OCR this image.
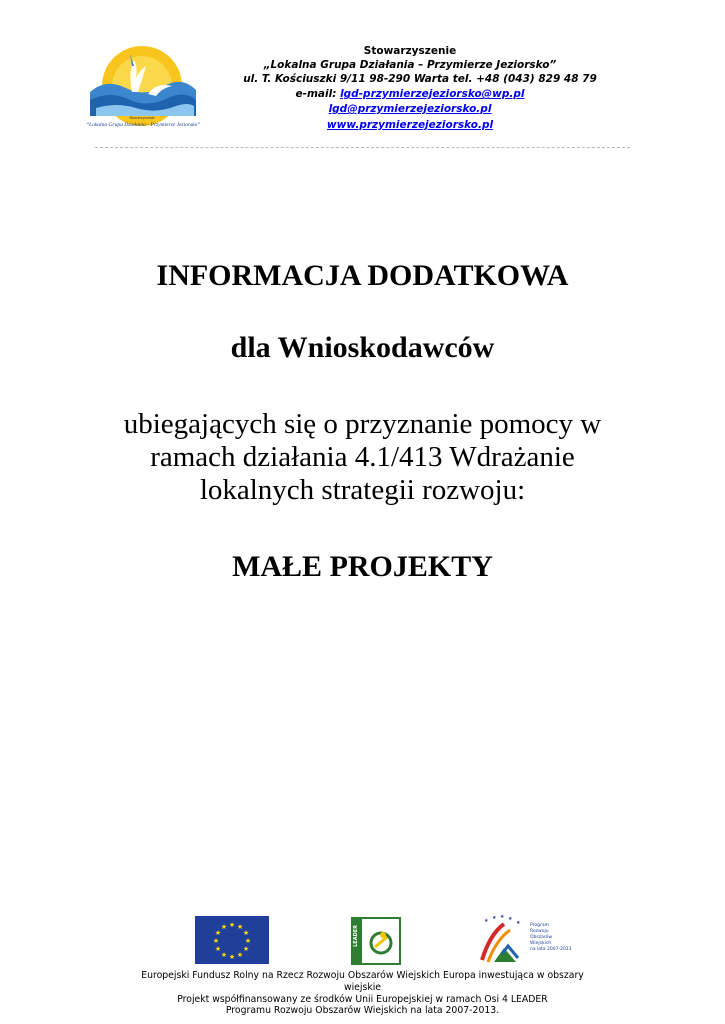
Stowarzyszenie
“Lokalna Grupa Działania - Przymierze Jeziorsko”
Stowarzyszenie
„Lokalna Grupa Działania – Przymierze Jeziorsko”
ul. T. Kościuszki 9/11 98-290 Warta tel. +48 (043) 829 48 79
e-mail: lgd-przymierzejeziorsko@wp.pl
lgd@przymierzejeziorsko.pl
www.przymierzejeziorsko.pl
INFORMACJA DODATKOWA
dla Wnioskodawców
ubiegających się o przyznanie pomocy w
ramach działania 4.1/413 Wdrażanie
lokalnych strategii rozwoju:
MAŁE PROJEKTY
★ ★
★
★
★
★
★
★
★
★
★
★	LEADER
★ ★ ★ ★
★ Program
Rozwoju
Obszarów
Wiejskich
na lata 2007-2013
Europejski Fundusz Rolny na Rzecz Rozwoju Obszarów Wiejskich Europa inwestująca w obszary
wiejskie
Projekt współfinansowany ze środków Unii Europejskiej w ramach Osi 4 LEADER
Programu Rozwoju Obszarów Wiejskich na lata 2007-2013.
